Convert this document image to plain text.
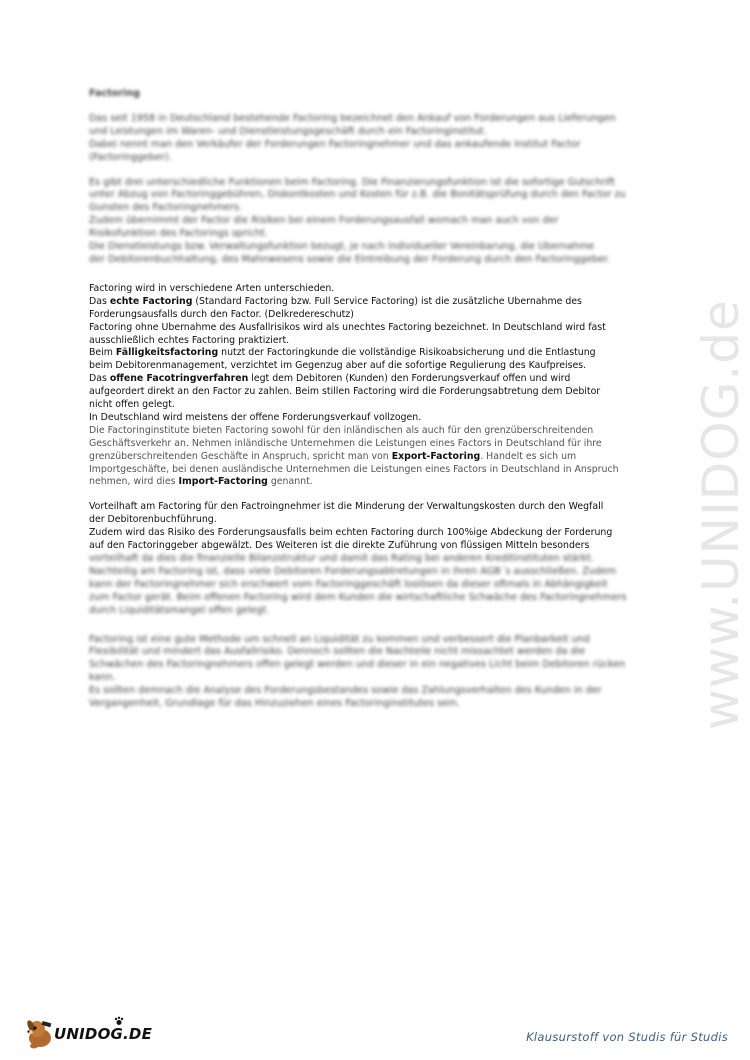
www.UNIDOG.de
Factoring
Das seit 1958 in Deutschland bestehende Factoring bezeichnet den Ankauf von Forderungen aus Lieferungen
und Leistungen im Waren- und Dienstleistungsgeschäft durch ein Factoringinstitut.
Dabei nennt man den Verkäufer der Forderungen Factoringnehmer und das ankaufende Institut Factor
(Factoringgeber).
Es gibt drei unterschiedliche Funktionen beim Factoring. Die Finanzierungsfunktion ist die sofortige Gutschrift
unter Abzug von Factoringgebühren, Diskontkosten und Kosten für z.B. die Bonitätsprüfung durch den Factor zu
Gunsten des Factoringnehmers.
Zudem übernimmt der Factor die Risiken bei einem Forderungsausfall womach man auch von der
Risikofunktion des Factorings spricht.
Die Dienstleistungs bzw. Verwaltungsfunktion bezugt, je nach individueller Vereinbarung, die Übernahme
der Debitorenbuchhaltung, des Mahnwesens sowie die Eintreibung der Forderung durch den Factoringgeber.
Factoring wird in verschiedene Arten unterschieden.
Das echte Factoring (Standard Factoring bzw. Full Service Factoring) ist die zusätzliche Übernahme des
Forderungsausfalls durch den Factor. (Delkredereschutz)
Factoring ohne Übernahme des Ausfallrisikos wird als unechtes Factoring bezeichnet. In Deutschland wird fast
ausschließlich echtes Factoring praktiziert.
Beim Fälligkeitsfactoring nutzt der Factoringkunde die vollständige Risikoabsicherung und die Entlastung
beim Debitorenmanagement, verzichtet im Gegenzug aber auf die sofortige Regulierung des Kaufpreises.
Das offene Facotringverfahren legt dem Debitoren (Kunden) den Forderungsverkauf offen und wird
aufgeordert direkt an den Factor zu zahlen. Beim stillen Factoring wird die Forderungsabtretung dem Debitor
nicht offen gelegt.
In Deutschland wird meistens der offene Forderungsverkauf vollzogen.
Die Factoringinstitute bieten Factoring sowohl für den inländischen als auch für den grenzüberschreitenden
Geschäftsverkehr an. Nehmen inländische Unternehmen die Leistungen eines Factors in Deutschland für ihre
grenzüberschreitenden Geschäfte in Anspruch, spricht man von Export-Factoring. Handelt es sich um
Importgeschäfte, bei denen ausländische Unternehmen die Leistungen eines Factors in Deutschland in Anspruch
nehmen, wird dies Import-Factoring genannt.
Vorteilhaft am Factoring für den Factroingnehmer ist die Minderung der Verwaltungskosten durch den Wegfall
der Debitorenbuchführung.
Zudem wird das Risiko des Forderungsausfalls beim echten Factoring durch 100%ige Abdeckung der Forderung
auf den Factoringgeber abgewälzt. Des Weiteren ist die direkte Zuführung von flüssigen Mitteln besonders
vorteilhaft da dies die finanzielle Bilanzstruktur und damit das Rating bei anderen Kreditinstituten stärkt.
Nachteilig am Factoring ist, dass viele Debitoren Forderungsabtretungen in ihren AGB´s ausschließen. Zudem
kann der Factoringnehmer sich erschwert vom Factoringgeschäft loslösen da dieser oftmals in Abhängigkeit
zum Factor gerät. Beim offenen Factoring wird dem Kunden die wirtschaftliche Schwäche des Factoringnehmers
durch Liquiditätsmangel offen gelegt.
Factoring ist eine gute Methode um schnell an Liquidität zu kommen und verbessert die Planbarkeit und
Flexibilität und mindert das Ausfallrisiko. Dennoch sollten die Nachteile nicht missachtet werden da die
Schwächen des Factoringnehmers offen gelegt werden und dieser in ein negatives Licht beim Debitoren rücken
kann.
Es sollten demnach die Analyse des Forderungsbestandes sowie das Zahlungsverhalten des Kunden in der
Vergangenheit, Grundlage für das Hinzuziehen eines Factoringinstitutes sein.
UNIDOG.DE	Klausurstoff von Studis für Studis
